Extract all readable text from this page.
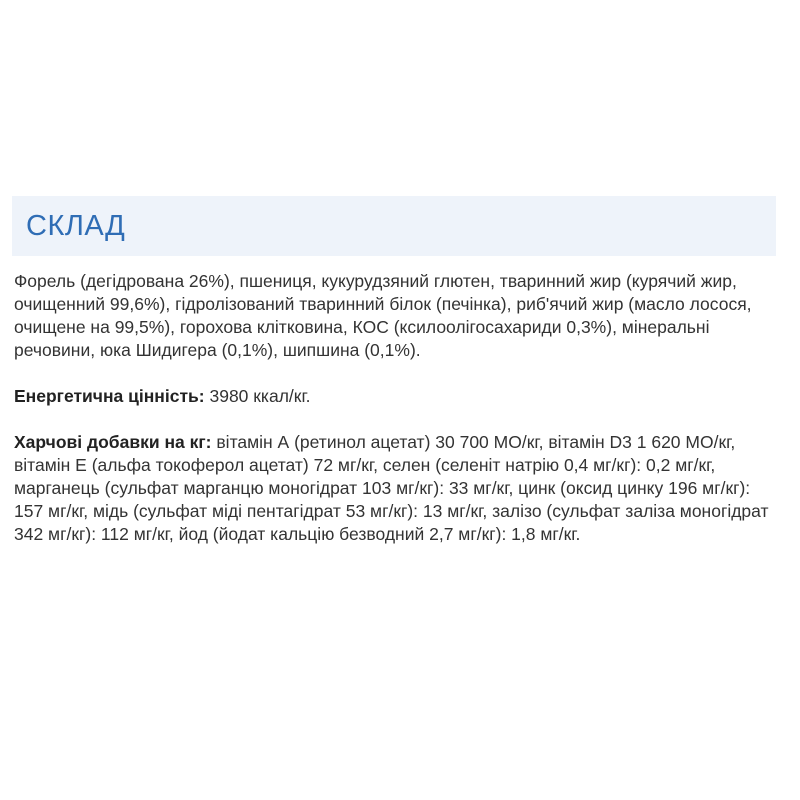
СКЛАД

Форель (дегідрована 26%), пшениця, кукурудзяний глютен, тваринний жир (курячий жир, очищенний 99,6%), гідролізований тваринний білок (печінка), риб'ячий жир (масло лосося, очищене на 99,5%), горохова клітковина, КОС (ксилоолігосахариди 0,3%), мінеральні речовини, юка Шидигера (0,1%), шипшина (0,1%).

Енергетична цінність: 3980 ккал/кг.

Харчові добавки на кг: вітамін А (ретинол ацетат) 30 700 МО/кг, вітамін D3 1 620 МО/кг, вітамін Е (альфа токоферол ацетат) 72 мг/кг, селен (селеніт натрію 0,4 мг/кг): 0,2 мг/кг, марганець (сульфат марганцю моногідрат 103 мг/кг): 33 мг/кг, цинк (оксид цинку 196 мг/кг): 157 мг/кг, мідь (сульфат міді пентагідрат 53 мг/кг): 13 мг/кг, залізо (сульфат заліза моногідрат 342 мг/кг): 112 мг/кг, йод (йодат кальцію безводний 2,7 мг/кг): 1,8 мг/кг.
